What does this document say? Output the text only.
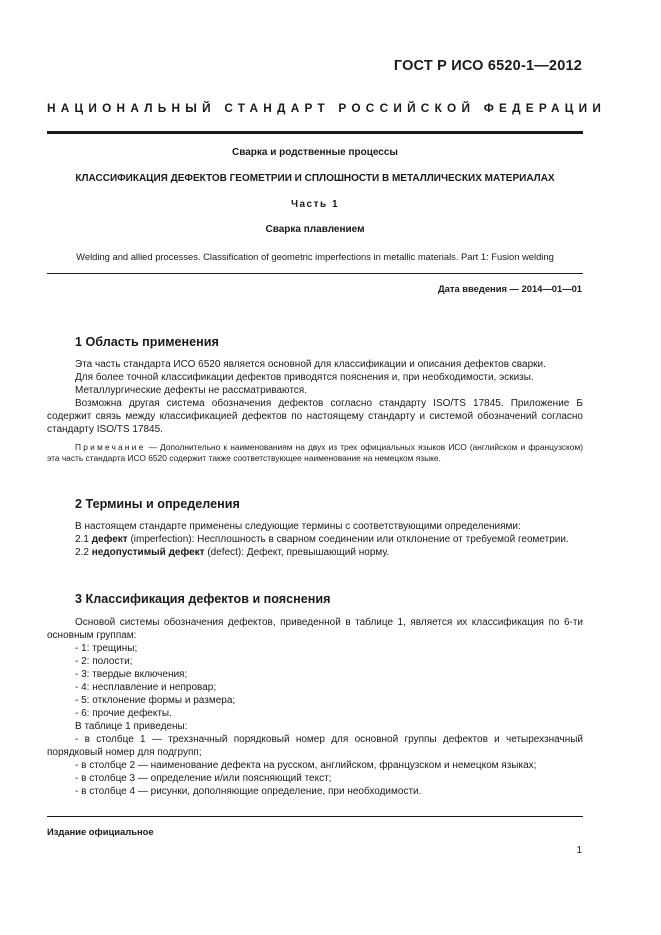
ГОСТ Р ИСО 6520-1—2012
НАЦИОНАЛЬНЫЙ СТАНДАРТ РОССИЙСКОЙ ФЕДЕРАЦИИ
Сварка и родственные процессы
КЛАССИФИКАЦИЯ ДЕФЕКТОВ ГЕОМЕТРИИ И СПЛОШНОСТИ В МЕТАЛЛИЧЕСКИХ МАТЕРИАЛАХ
Часть 1
Сварка плавлением
Welding and allied processes. Classification of geometric imperfections in metallic materials. Part 1: Fusion welding
Дата введения — 2014—01—01
1 Область применения

Эта часть стандарта ИСО 6520 является основной для классификации и описания дефектов сварки.

Для более точной классификации дефектов приводятся пояснения и, при необходимости, эскизы.

Металлургические дефекты не рассматриваются.

Возможна другая система обозначения дефектов согласно стандарту ISO/TS 17845. Приложение Б содержит связь между классификацией дефектов по настоящему стандарту и системой обозначений согласно стандарту ISO/TS 17845.

Примечание — Дополнительно к наименованиям на двух из трех официальных языков ИСО (английском и французском) эта часть стандарта ИСО 6520 содержит также соответствующее наименование на немецком языке.

2 Термины и определения

В настоящем стандарте применены следующие термины с соответствующими определениями:

2.1 дефект (imperfection): Несплошность в сварном соединении или отклонение от требуемой геометрии.

2.2 недопустимый дефект (defect): Дефект, превышающий норму.

3 Классификация дефектов и пояснения

Основой системы обозначения дефектов, приведенной в таблице 1, является их классификация по 6-ти основным группам:

- 1: трещины;

- 2: полости;

- 3: твердые включения;

- 4: несплавление и непровар;

- 5: отклонение формы и размера;

- 6: прочие дефекты.

В таблице 1 приведены:

- в столбце 1 — трехзначный порядковый номер для основной группы дефектов и четырехзначный порядковый номер для подгрупп;

- в столбце 2 — наименование дефекта на русском, английском, французском и немецком языках;

- в столбце 3 — определение и/или поясняющий текст;

- в столбце 4 — рисунки, дополняющие определение, при необходимости.

Издание официальное
1
